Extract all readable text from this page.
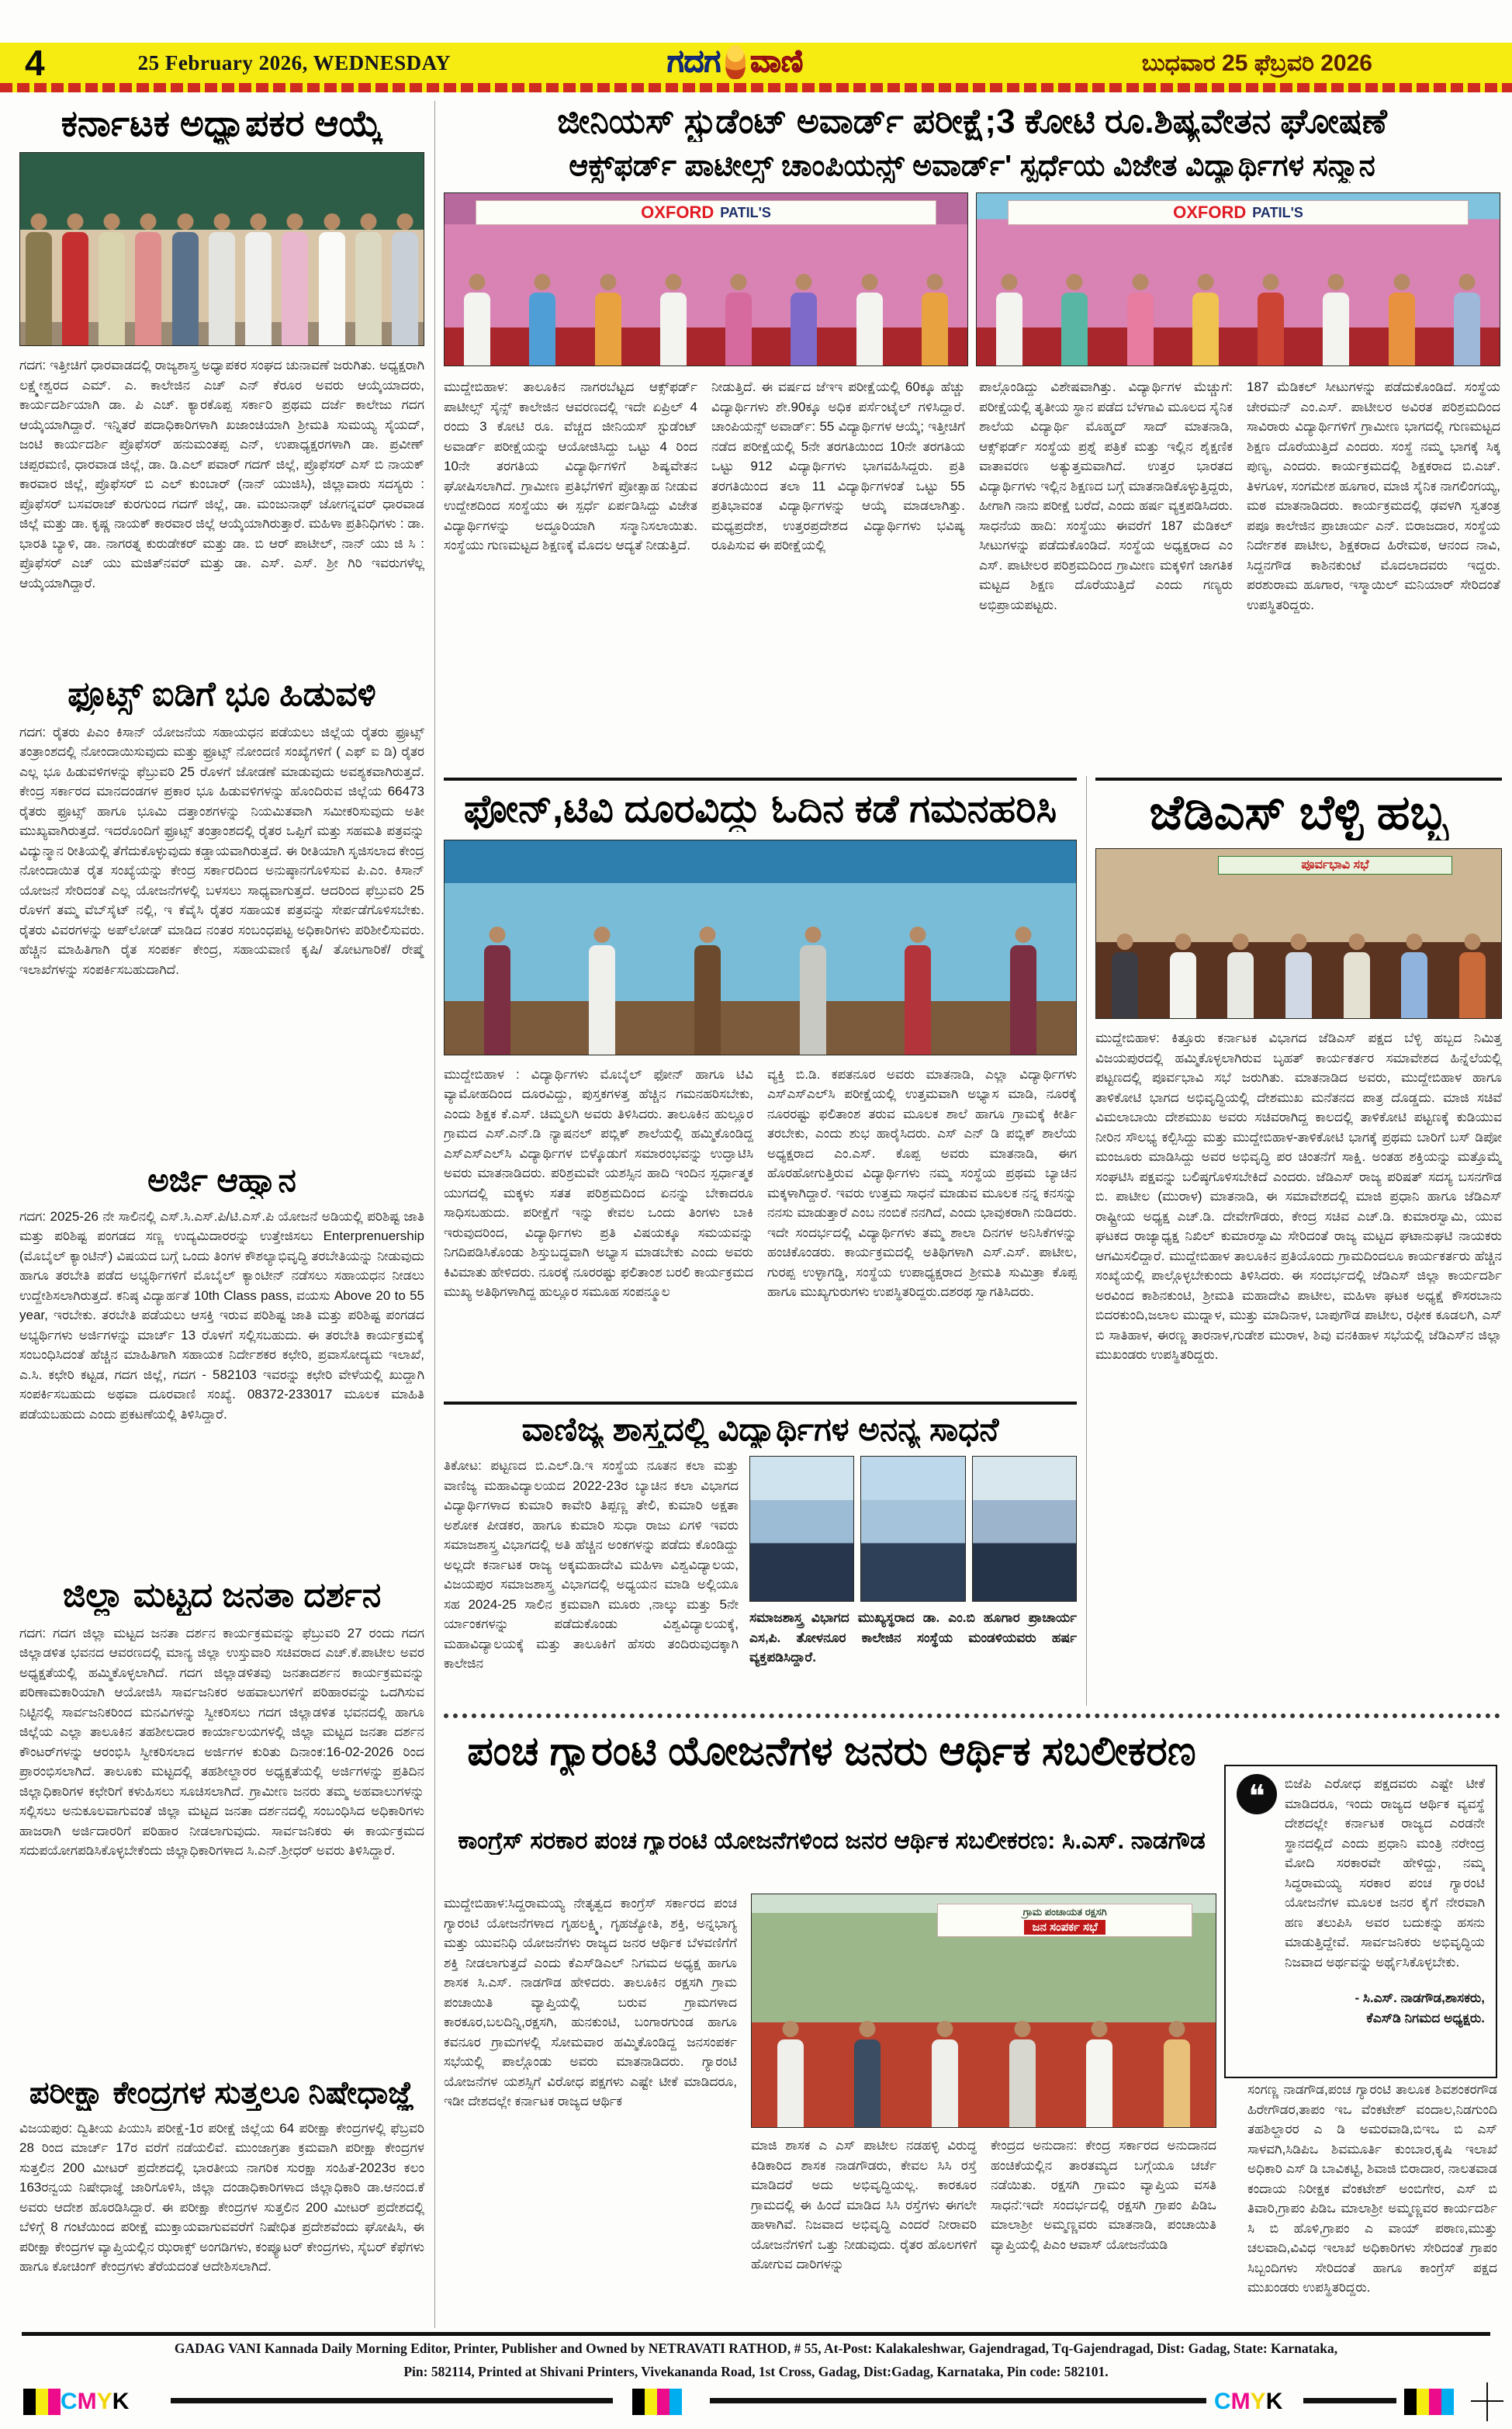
4	25 February 2026, WEDNESDAY	ಗದಗ ವಾಣಿ	ಬುಧವಾರ 25 ಫೆಬ್ರವರಿ 2026
ಕರ್ನಾಟಕ ಅಧ್ಯಾಪಕರ ಆಯ್ಕೆ
ಗದಗ: ಇತ್ತೀಚಿಗೆ ಧಾರವಾಡದಲ್ಲಿ ರಾಜ್ಯಶಾಸ್ತ್ರ ಅಧ್ಯಾಪಕರ ಸಂಘದ ಚುನಾವಣೆ ಜರುಗಿತು. ಅಧ್ಯಕ್ಷರಾಗಿ ಲಕ್ಷ್ಮೇಶ್ವರದ ಎಮ್. ಎ. ಕಾಲೇಜಿನ ಎಚ್ ಎನ್ ಕೆರೂರ ಅವರು ಆಯ್ಕೆಯಾದರು, ಕಾರ್ಯದರ್ಶಿಯಾಗಿ ಡಾ. ಪಿ ಎಚ್. ಕ್ಯಾರಕೊಪ್ಪ ಸರ್ಕಾರಿ ಪ್ರಥಮ ದರ್ಜೆ ಕಾಲೇಜು ಗದಗ ಆಯ್ಕೆಯಾಗಿದ್ದಾರೆ. ಇನ್ನಿತರೆ ಪದಾಧಿಕಾರಿಗಳಾಗಿ ಖಜಾಂಚಿಯಾಗಿ ಶ್ರೀಮತಿ ಸುಮಯ್ಯ ಸೈಯದ್, ಜಂಟಿ ಕಾರ್ಯದರ್ಶಿ ಪ್ರೊಫೆಸರ್ ಹನುಮಂತಪ್ಪ ಎನ್, ಉಪಾಧ್ಯಕ್ಷರಗಳಾಗಿ ಡಾ. ಪ್ರವೀಣ್ ಚಪ್ಪರಮಣಿ, ಧಾರವಾಡ ಜಿಲ್ಲೆ, ಡಾ. ಡಿ.ಎಲ್ ಪವಾರ್ ಗದಗ್ ಜಿಲ್ಲೆ, ಪ್ರೊಫೆಸರ್ ಎಸ್ ಬಿ ನಾಯಕ್ ಕಾರವಾರ ಜಿಲ್ಲೆ, ಪ್ರೊಫೆಸರ್ ಬಿ ಎಲ್ ಕುಂಬಾರ್ (ನಾನ್ ಯುಜಿಸಿ), ಜಿಲ್ಲಾವಾರು ಸದಸ್ಯರು : ಪ್ರೊಫೆಸರ್ ಬಸವರಾಜ್ ಕುರಗುಂದ ಗದಗ್ ಜಿಲ್ಲೆ, ಡಾ. ಮಂಜುನಾಥ್ ಜೋಗನ್ನವರ್ ಧಾರವಾಡ ಜಿಲ್ಲೆ ಮತ್ತು ಡಾ. ಕೃಷ್ಣ ನಾಯಕ್ ಕಾರವಾರ ಜಿಲ್ಲೆ ಆಯ್ಕೆಯಾಗಿರುತ್ತಾರೆ. ಮಹಿಳಾ ಪ್ರತಿನಿಧಿಗಳು : ಡಾ. ಭಾರತಿ ಬ್ಯಾಳಿ, ಡಾ. ನಾಗರತ್ನ ಕುರುಡೇಕರ್ ಮತ್ತು ಡಾ. ಬಿ ಆರ್ ಪಾಟೀಲ್, ನಾನ್ ಯು ಜಿ ಸಿ : ಪ್ರೊಫೆಸರ್ ಎಚ್ ಯು ಮಜಿತ್‌ನವರ್ ಮತ್ತು ಡಾ. ಎಸ್. ಎಸ್. ಶ್ರೀ ಗಿರಿ ಇವರುಗಳೆಲ್ಲ ಆಯ್ಕೆಯಾಗಿದ್ದಾರೆ.
ಫ್ರೂಟ್ಸ್ ಐಡಿಗೆ ಭೂ ಹಿಡುವಳಿ
ಗದಗ: ರೈತರು ಪಿಎಂ ಕಿಸಾನ್ ಯೋಜನೆಯ ಸಹಾಯಧನ ಪಡೆಯಲು ಜಿಲ್ಲೆಯ ರೈತರು ಫ್ರೂಟ್ಸ್ ತಂತ್ರಾಂಶದಲ್ಲಿ ನೋಂದಾಯಿಸುವುದು ಮತ್ತು ಫ್ರೂಟ್ಸ್ ನೋಂದಣಿ ಸಂಖ್ಯೆಗಳಿಗೆ ( ಎಫ್ ಐ ಡಿ) ರೈತರ ಎಲ್ಲ ಭೂ ಹಿಡುವಳಿಗಳನ್ನು ಫೆಬ್ರುವರಿ 25 ರೊಳಗೆ ಜೋಡಣೆ ಮಾಡುವುದು ಅವಶ್ಯಕವಾಗಿರುತ್ತದೆ. ಕೇಂದ್ರ ಸರ್ಕಾರದ ಮಾನದಂಡಗಳ ಪ್ರಕಾರ ಭೂ ಹಿಡುವಳಿಗಳನ್ನು ಹೊಂದಿರುವ ಜಿಲ್ಲೆಯ 66473 ರೈತರು ಫ್ರೂಟ್ಸ್ ಹಾಗೂ ಭೂಮಿ ದತ್ತಾಂಶಗಳನ್ನು ನಿಯಮಿತವಾಗಿ ಸಮೀಕರಿಸುವುದು ಅತೀ ಮುಖ್ಯವಾಗಿರುತ್ತದೆ. ಇದರೊಂದಿಗೆ ಫ್ರೂಟ್ಸ್ ತಂತ್ರಾಂಶದಲ್ಲಿ ರೈತರ ಒಪ್ಪಿಗೆ ಮತ್ತು ಸಹಮತಿ ಪತ್ರವನ್ನು ವಿದ್ಯುನ್ಮಾನ ರೀತಿಯಲ್ಲಿ ತೆಗೆದುಕೊಳ್ಳುವುದು ಕಡ್ಡಾಯವಾಗಿರುತ್ತದೆ. ಈ ರೀತಿಯಾಗಿ ಸೃಜಿಸಲಾದ ಕೇಂದ್ರ ನೋಂದಾಯಿತ ರೈತ ಸಂಖ್ಯೆಯನ್ನು ಕೇಂದ್ರ ಸರ್ಕಾರದಿಂದ ಅನುಷ್ಠಾನಗೊಳಿಸುವ ಪಿ.ಎಂ. ಕಿಸಾನ್ ಯೋಜನೆ ಸೇರಿದಂತೆ ಎಲ್ಲ ಯೋಜನೆಗಳಲ್ಲಿ ಬಳಸಲು ಸಾಧ್ಯವಾಗುತ್ತದೆ. ಆದರಿಂದ ಫೆಬ್ರುವರಿ 25 ರೊಳಗೆ ತಮ್ಮ ವೆಬ್‌ಸೈಟ್ ನಲ್ಲಿ, ಇ ಕೆವೈಸಿ ರೈತರ ಸಹಾಯಕ ಪತ್ರವನ್ನು ಸೇರ್ಪಡೆಗೊಳಿಸಬೇಕು. ರೈತರು ವಿವರಗಳನ್ನು ಅಪ್‌ಲೋಡ್ ಮಾಡಿದ ನಂತರ ಸಂಬಂಧಪಟ್ಟ ಅಧಿಕಾರಿಗಳು ಪರಿಶೀಲಿಸುವರು. ಹೆಚ್ಚಿನ ಮಾಹಿತಿಗಾಗಿ ರೈತ ಸಂಪರ್ಕ ಕೇಂದ್ರ, ಸಹಾಯವಾಣಿ ಕೃಷಿ/ ತೋಟಗಾರಿಕೆ/ ರೇಷ್ಮೆ ಇಲಾಖೆಗಳನ್ನು ಸಂಪರ್ಕಿಸಬಹುದಾಗಿದೆ.
ಅರ್ಜಿ ಆಹ್ವಾನ
ಗದಗ: 2025-26 ನೇ ಸಾಲಿನಲ್ಲಿ ಎಸ್.ಸಿ.ಎಸ್.ಪಿ/ಟಿ.ಎಸ್.ಪಿ ಯೋಜನೆ ಅಡಿಯಲ್ಲಿ ಪರಿಶಿಷ್ಟ ಜಾತಿ ಮತ್ತು ಪರಿಶಿಷ್ಟ ಪಂಗಡದ ಸಣ್ಣ ಉದ್ಯಮಿದಾರರನ್ನು ಉತ್ತೇಜಿಸಲು Enterprenuership (ಮೊಬೈಲ್ ಕ್ಯಾಂಟಿನ್) ವಿಷಯದ ಬಗ್ಗೆ ಒಂದು ತಿಂಗಳ ಕೌಶಲ್ಯಾಭಿವೃದ್ಧಿ ತರಬೇತಿಯನ್ನು ನೀಡುವುದು ಹಾಗೂ ತರಬೇತಿ ಪಡೆದ ಅಭ್ಯರ್ಥಿಗಳಿಗೆ ಮೊಬೈಲ್ ಕ್ಯಾಂಟೀನ್ ನಡೆಸಲು ಸಹಾಯಧನ ನೀಡಲು ಉದ್ದೇಶಿಸಲಾಗಿರುತ್ತದೆ. ಕನಿಷ್ಠ ವಿದ್ಯಾರ್ಹತೆ 10th Class pass, ವಯಸು Above 20 to 55 year, ಇರಬೇಕು. ತರಬೇತಿ ಪಡೆಯಲು ಆಸಕ್ತಿ ಇರುವ ಪರಿಶಿಷ್ಟ ಜಾತಿ ಮತ್ತು ಪರಿಶಿಷ್ಟ ಪಂಗಡದ ಅಭ್ಯರ್ಥಿಗಳು ಅರ್ಜಿಗಳನ್ನು ಮಾರ್ಚ್ 13 ರೊಳಗೆ ಸಲ್ಲಿಸಬಹುದು. ಈ ತರಬೇತಿ ಕಾರ್ಯಕ್ರಮಕ್ಕೆ ಸಂಬಂಧಿಸಿದಂತೆ ಹೆಚ್ಚಿನ ಮಾಹಿತಿಗಾಗಿ ಸಹಾಯಕ ನಿರ್ದೇಶಕರ ಕಛೇರಿ, ಪ್ರವಾಸೋದ್ಯಮ ಇಲಾಖೆ, ಎ.ಸಿ. ಕಛೇರಿ ಕಟ್ಟಡ, ಗದಗ ಜಿಲ್ಲೆ, ಗದಗ - 582103 ಇವರನ್ನು ಕಛೇರಿ ವೇಳೆಯಲ್ಲಿ ಖುದ್ದಾಗಿ ಸಂಪರ್ಕಿಸಬಹುದು ಅಥವಾ ದೂರವಾಣಿ ಸಂಖ್ಯೆ. 08372-233017 ಮೂಲಕ ಮಾಹಿತಿ ಪಡೆಯಬಹುದು ಎಂದು ಪ್ರಕಟಣೆಯಲ್ಲಿ ತಿಳಿಸಿದ್ದಾರೆ.
ಜಿಲ್ಲಾ ಮಟ್ಟದ ಜನತಾ ದರ್ಶನ
ಗದಗ: ಗದಗ ಜಿಲ್ಲಾ ಮಟ್ಟದ ಜನತಾ ದರ್ಶನ ಕಾರ್ಯಕ್ರಮವನ್ನು ಫೆಬ್ರುವರಿ 27 ರಂದು ಗದಗ ಜಿಲ್ಲಾಡಳಿತ ಭವನದ ಆವರಣದಲ್ಲಿ ಮಾನ್ಯ ಜಿಲ್ಲಾ ಉಸ್ತುವಾರಿ ಸಚಿವರಾದ ಎಚ್.ಕೆ.ಪಾಟೀಲ ಅವರ ಅಧ್ಯಕ್ಷತೆಯಲ್ಲಿ ಹಮ್ಮಿಕೊಳ್ಳಲಾಗಿದೆ. ಗದಗ ಜಿಲ್ಲಾಡಳಿತವು ಜನತಾದರ್ಶನ ಕಾರ್ಯಕ್ರಮವನ್ನು ಪರಿಣಾಮಕಾರಿಯಾಗಿ ಆಯೋಜಿಸಿ ಸಾರ್ವಜನಿಕರ ಅಹವಾಲುಗಳಿಗೆ ಪರಿಹಾರವನ್ನು ಒದಗಿಸುವ ನಿಟ್ಟಿನಲ್ಲಿ ಸಾರ್ವಜನಿಕರಿಂದ ಮನವಿಗಳನ್ನು ಸ್ವೀಕರಿಸಲು ಗದಗ ಜಿಲ್ಲಾಡಳಿತ ಭವನದಲ್ಲಿ ಹಾಗೂ ಜಿಲ್ಲೆಯ ಎಲ್ಲಾ ತಾಲೂಕಿನ ತಹಶೀಲದಾರ ಕಾರ್ಯಾಲಯಗಳಲ್ಲಿ ಜಿಲ್ಲಾ ಮಟ್ಟದ ಜನತಾ ದರ್ಶನ ಕೌಂಟರ್‌ಗಳನ್ನು ಆರಂಭಿಸಿ ಸ್ವೀಕರಿಸಲಾದ ಅರ್ಜಿಗಳ ಕುರಿತು ದಿನಾಂಕ:16-02-2026 ರಿಂದ ಪ್ರಾರಂಭಿಸಲಾಗಿದೆ. ತಾಲೂಕು ಮಟ್ಟದಲ್ಲಿ ತಹಶೀಲ್ದಾರರ ಅಧ್ಯಕ್ಷತೆಯಲ್ಲಿ ಅರ್ಜಿಗಳನ್ನು ಪ್ರತಿದಿನ ಜಿಲ್ಲಾಧಿಕಾರಿಗಳ ಕಛೇರಿಗೆ ಕಳುಹಿಸಲು ಸೂಚಿಸಲಾಗಿದೆ. ಗ್ರಾಮೀಣ ಜನರು ತಮ್ಮ ಅಹವಾಲುಗಳನ್ನು ಸಲ್ಲಿಸಲು ಅನುಕೂಲವಾಗುವಂತೆ ಜಿಲ್ಲಾ ಮಟ್ಟದ ಜನತಾ ದರ್ಶನದಲ್ಲಿ ಸಂಬಂಧಿಸಿದ ಅಧಿಕಾರಿಗಳು ಹಾಜರಾಗಿ ಅರ್ಜಿದಾರರಿಗೆ ಪರಿಹಾರ ನೀಡಲಾಗುವುದು. ಸಾರ್ವಜನಿಕರು ಈ ಕಾರ್ಯಕ್ರಮದ ಸದುಪಯೋಗಪಡಿಸಿಕೊಳ್ಳಬೇಕೆಂದು ಜಿಲ್ಲಾಧಿಕಾರಿಗಳಾದ ಸಿ.ಎನ್.ಶ್ರೀಧರ್ ಅವರು ತಿಳಿಸಿದ್ದಾರೆ.
ಪರೀಕ್ಷಾ ಕೇಂದ್ರಗಳ ಸುತ್ತಲೂ ನಿಷೇಧಾಜ್ಞೆ
ವಿಜಯಪುರ: ದ್ವಿತೀಯ ಪಿಯುಸಿ ಪರೀಕ್ಷೆ-1ರ ಪರೀಕ್ಷೆ ಜಿಲ್ಲೆಯ 64 ಪರೀಕ್ಷಾ ಕೇಂದ್ರಗಳಲ್ಲಿ ಫೆಬ್ರವರಿ 28 ರಿಂದ ಮಾರ್ಚ್ 17ರ ವರೆಗೆ ನಡೆಯಲಿವೆ. ಮುಂಜಾಗ್ರತಾ ಕ್ರಮವಾಗಿ ಪರೀಕ್ಷಾ ಕೇಂದ್ರಗಳ ಸುತ್ತಲಿನ 200 ಮೀಟರ್ ಪ್ರದೇಶದಲ್ಲಿ ಭಾರತೀಯ ನಾಗರಿಕ ಸುರಕ್ಷಾ ಸಂಹಿತೆ-2023ರ ಕಲಂ 163ರನ್ವಯ ನಿಷೇಧಾಜ್ಞೆ ಜಾರಿಗೊಳಿಸಿ, ಜಿಲ್ಲಾ ದಂಡಾಧಿಕಾರಿಗಳಾದ ಜಿಲ್ಲಾಧಿಕಾರಿ ಡಾ.ಆನಂದ.ಕೆ ಅವರು ಆದೇಶ ಹೊರಡಿಸಿದ್ದಾರೆ. ಈ ಪರೀಕ್ಷಾ ಕೇಂದ್ರಗಳ ಸುತ್ತಲಿನ 200 ಮೀಟರ್ ಪ್ರದೇಶದಲ್ಲಿ ಬೆಳಿಗ್ಗೆ 8 ಗಂಟೆಯಿಂದ ಪರೀಕ್ಷೆ ಮುಕ್ತಾಯವಾಗುವವರೆಗೆ ನಿಷೇಧಿತ ಪ್ರದೇಶವೆಂದು ಘೋಷಿಸಿ, ಈ ಪರೀಕ್ಷಾ ಕೇಂದ್ರಗಳ ವ್ಯಾಪ್ತಿಯಲ್ಲಿನ ಝರಾಕ್ಸ್ ಅಂಗಡಿಗಳು, ಕಂಪ್ಯೂಟರ್ ಕೇಂದ್ರಗಳು, ಸೈಬರ್ ಕೆಫೆಗಳು ಹಾಗೂ ಕೋಚಿಂಗ್ ಕೇಂದ್ರಗಳು ತೆರೆಯದಂತೆ ಆದೇಶಿಸಲಾಗಿದೆ.
ಜೀನಿಯಸ್ ಸ್ಟುಡೆಂಟ್ ಅವಾರ್ಡ್ ಪರೀಕ್ಷೆ;3 ಕೋಟಿ ರೂ.ಶಿಷ್ಯವೇತನ ಘೋಷಣೆ
ಆಕ್ಸ್‌ಫರ್ಡ್ ಪಾಟೀಲ್ಸ್ ಚಾಂಪಿಯನ್ಸ್ ಅವಾರ್ಡ್' ಸ್ಪರ್ಧೆಯ ವಿಜೇತ ವಿದ್ಯಾರ್ಥಿಗಳ ಸನ್ಮಾನ
OXFORD PATIL'S	OXFORD PATIL'S
ಮುದ್ದೇಬಿಹಾಳ: ತಾಲೂಕಿನ ನಾಗರಬೆಟ್ಟದ ಆಕ್ಸ್‌ಫರ್ಡ್ ಪಾಟೀಲ್ಸ್ ಸೈನ್ಸ್ ಕಾಲೇಜಿನ ಆವರಣದಲ್ಲಿ ಇದೇ ಏಪ್ರಿಲ್ 4 ರಂದು 3 ಕೋಟಿ ರೂ. ವೆಚ್ಚದ ಜೀನಿಯಸ್ ಸ್ಟುಡೆಂಟ್ ಅವಾರ್ಡ್ ಪರೀಕ್ಷೆಯನ್ನು ಆಯೋಜಿಸಿದ್ದು ಒಟ್ಟು 4 ರಿಂದ 10ನೇ ತರಗತಿಯ ವಿದ್ಯಾರ್ಥಿಗಳಿಗೆ ಶಿಷ್ಯವೇತನ ಘೋಷಿಸಲಾಗಿದೆ. ಗ್ರಾಮೀಣ ಪ್ರತಿಭೆಗಳಿಗೆ ಪ್ರೋತ್ಸಾಹ ನೀಡುವ ಉದ್ದೇಶದಿಂದ ಸಂಸ್ಥೆಯು ಈ ಸ್ಪರ್ಧೆ ಏರ್ಪಡಿಸಿದ್ದು ವಿಜೇತ ವಿದ್ಯಾರ್ಥಿಗಳನ್ನು ಅದ್ಧೂರಿಯಾಗಿ ಸನ್ಮಾನಿಸಲಾಯಿತು. ಸಂಸ್ಥೆಯು ಗುಣಮಟ್ಟದ ಶಿಕ್ಷಣಕ್ಕೆ ಮೊದಲ ಆದ್ಯತೆ ನೀಡುತ್ತಿದೆ.
ನೀಡುತ್ತಿದೆ. ಈ ವರ್ಷದ ಜೆಇಇ ಪರೀಕ್ಷೆಯಲ್ಲಿ 60ಕ್ಕೂ ಹೆಚ್ಚು ವಿದ್ಯಾರ್ಥಿಗಳು ಶೇ.90ಕ್ಕೂ ಅಧಿಕ ಪರ್ಸೆಂಟೈಲ್ ಗಳಿಸಿದ್ದಾರೆ. ಚಾಂಪಿಯನ್ಸ್ ಅವಾರ್ಡ್: 55 ವಿದ್ಯಾರ್ಥಿಗಳ ಆಯ್ಕೆ; ಇತ್ತೀಚಿಗೆ ನಡೆದ ಪರೀಕ್ಷೆಯಲ್ಲಿ 5ನೇ ತರಗತಿಯಿಂದ 10ನೇ ತರಗತಿಯ ಒಟ್ಟು 912 ವಿದ್ಯಾರ್ಥಿಗಳು ಭಾಗವಹಿಸಿದ್ದರು. ಪ್ರತಿ ತರಗತಿಯಿಂದ ತಲಾ 11 ವಿದ್ಯಾರ್ಥಿಗಳಂತೆ ಒಟ್ಟು 55 ಪ್ರತಿಭಾವಂತ ವಿದ್ಯಾರ್ಥಿಗಳನ್ನು ಆಯ್ಕೆ ಮಾಡಲಾಗಿತ್ತು. ಮಧ್ಯಪ್ರದೇಶ, ಉತ್ತರಪ್ರದೇಶದ ವಿದ್ಯಾರ್ಥಿಗಳು ಭವಿಷ್ಯ ರೂಪಿಸುವ ಈ ಪರೀಕ್ಷೆಯಲ್ಲಿ
ಪಾಲ್ಗೊಂಡಿದ್ದು ವಿಶೇಷವಾಗಿತ್ತು. ವಿದ್ಯಾರ್ಥಿಗಳ ಮೆಚ್ಚುಗೆ: ಪರೀಕ್ಷೆಯಲ್ಲಿ ತೃತೀಯ ಸ್ಥಾನ ಪಡೆದ ಬೆಳಗಾವಿ ಮೂಲದ ಸೈನಿಕ ಶಾಲೆಯ ವಿದ್ಯಾರ್ಥಿ ಮೊಹ್ಮದ್ ಸಾದ್ ಮಾತನಾಡಿ, ಆಕ್ಸ್‌ಫರ್ಡ್ ಸಂಸ್ಥೆಯ ಪ್ರಶ್ನೆ ಪತ್ರಿಕೆ ಮತ್ತು ಇಲ್ಲಿನ ಶೈಕ್ಷಣಿಕ ವಾತಾವರಣ ಅತ್ಯುತ್ತಮವಾಗಿದೆ. ಉತ್ತರ ಭಾರತದ ವಿದ್ಯಾರ್ಥಿಗಳು ಇಲ್ಲಿನ ಶಿಕ್ಷಣದ ಬಗ್ಗೆ ಮಾತನಾಡಿಕೊಳ್ಳುತ್ತಿದ್ದರು, ಹೀಗಾಗಿ ನಾನು ಪರೀಕ್ಷೆ ಬರೆದೆ, ಎಂದು ಹರ್ಷ ವ್ಯಕ್ತಪಡಿಸಿದರು. ಸಾಧನೆಯ ಹಾದಿ: ಸಂಸ್ಥೆಯು ಈವರೆಗೆ 187 ಮೆಡಿಕಲ್ ಸೀಟುಗಳನ್ನು ಪಡೆದುಕೊಂಡಿದೆ. ಸಂಸ್ಥೆಯ ಅಧ್ಯಕ್ಷರಾದ ಎಂ ಎಸ್. ಪಾಟೀಲರ ಪರಿಶ್ರಮದಿಂದ ಗ್ರಾಮೀಣ ಮಕ್ಕಳಿಗೆ ಜಾಗತಿಕ ಮಟ್ಟದ ಶಿಕ್ಷಣ ದೊರೆಯುತ್ತಿದೆ ಎಂದು ಗಣ್ಯರು ಅಭಿಪ್ರಾಯಪಟ್ಟರು.
187 ಮೆಡಿಕಲ್ ಸೀಟುಗಳನ್ನು ಪಡೆದುಕೊಂಡಿದೆ. ಸಂಸ್ಥೆಯ ಚೇರಮನ್ ಎಂ.ಎಸ್. ಪಾಟೀಲರ ಅವಿರತ ಪರಿಶ್ರಮದಿಂದ ಸಾವಿರಾರು ವಿದ್ಯಾರ್ಥಿಗಳಿಗೆ ಗ್ರಾಮೀಣ ಭಾಗದಲ್ಲಿ ಗುಣಮಟ್ಟದ ಶಿಕ್ಷಣ ದೊರೆಯುತ್ತಿದೆ ಎಂದರು. ಸಂಸ್ಥೆ ನಮ್ಮ ಭಾಗಕ್ಕೆ ಸಿಕ್ಕ ಪುಣ್ಯ, ಎಂದರು. ಕಾರ್ಯಕ್ರಮದಲ್ಲಿ ಶಿಕ್ಷಕರಾದ ಬಿ.ಎಚ್. ತಿಳಗೂಳ, ಸಂಗಮೇಶ ಹೂಗಾರ, ಮಾಜಿ ಸೈನಿಕ ನಾಗಲಿಂಗಯ್ಯ, ಮಠ ಮಾತನಾಡಿದರು. ಕಾರ್ಯಕ್ರಮದಲ್ಲಿ ಢವಳಗಿ ಸ್ವತಂತ್ರ ಪಪೂ ಕಾಲೇಜಿನ ಪ್ರಾಚಾರ್ಯ ಎನ್. ಬಿರಾಜದಾರ, ಸಂಸ್ಥೆಯ ನಿರ್ದೇಶಕ ಪಾಟೀಲ, ಶಿಕ್ಷಕರಾದ ಹಿರೇಮಠ, ಆನಂದ ನಾವಿ, ಸಿದ್ದನಗೌಡ ಕಾಶಿನಕುಂಟೆ ಮೊದಲಾದವರು ಇದ್ದರು. ಪರಶುರಾಮ ಹೂಗಾರ, ಇಸ್ಮಾಯಿಲ್ ಮನಿಯಾರ್ ಸೇರಿದಂತೆ ಉಪಸ್ಥಿತರಿದ್ದರು.
ಫೋನ್,ಟಿವಿ ದೂರವಿದ್ದು ಓದಿನ ಕಡೆ ಗಮನಹರಿಸಿ
ಮುದ್ದೇಬಿಹಾಳ : ವಿದ್ಯಾರ್ಥಿಗಳು ಮೊಬೈಲ್ ಫೋನ್ ಹಾಗೂ ಟಿವಿ ವ್ಯಾಮೋಹದಿಂದ ದೂರವಿದ್ದು, ಪುಸ್ತಕಗಳತ್ತ ಹೆಚ್ಚಿನ ಗಮನಹರಿಸಬೇಕು, ಎಂದು ಶಿಕ್ಷಕ ಕೆ.ಎಸ್. ಚಿಮ್ಮಲಗಿ ಅವರು ತಿಳಿಸಿದರು. ತಾಲೂಕಿನ ಹುಲ್ಲೂರ ಗ್ರಾಮದ ಎಸ್.ಎನ್.ಡಿ ನ್ಯಾಷನಲ್ ಪಬ್ಲಿಕ್ ಶಾಲೆಯಲ್ಲಿ ಹಮ್ಮಿಕೊಂಡಿದ್ದ ಎಸ್‌ಎಸ್‌ಎಲ್‌ಸಿ ವಿದ್ಯಾರ್ಥಿಗಳ ಬಿಳ್ಕೊಡುಗೆ ಸಮಾರಂಭವನ್ನು ಉದ್ಘಾಟಿಸಿ ಅವರು ಮಾತನಾಡಿದರು. ಪರಿಶ್ರಮವೇ ಯಶಸ್ಸಿನ ಹಾದಿ ಇಂದಿನ ಸ್ಪರ್ಧಾತ್ಮಕ ಯುಗದಲ್ಲಿ ಮಕ್ಕಳು ಸತತ ಪರಿಶ್ರಮದಿಂದ ಏನನ್ನು ಬೇಕಾದರೂ ಸಾಧಿಸಬಹುದು. ಪರೀಕ್ಷೆಗೆ ಇನ್ನು ಕೇವಲ ಒಂದು ತಿಂಗಳು ಬಾಕಿ ಇರುವುದರಿಂದ, ವಿದ್ಯಾರ್ಥಿಗಳು ಪ್ರತಿ ವಿಷಯಕ್ಕೂ ಸಮಯವನ್ನು ನಿಗದಿಪಡಿಸಿಕೊಂಡು ಶಿಸ್ತುಬದ್ಧವಾಗಿ ಅಭ್ಯಾಸ ಮಾಡಬೇಕು ಎಂದು ಅವರು ಕಿವಿಮಾತು ಹೇಳಿದರು. ನೂರಕ್ಕೆ ನೂರರಷ್ಟು ಫಲಿತಾಂಶ ಬರಲಿ ಕಾರ್ಯಕ್ರಮದ ಮುಖ್ಯ ಅತಿಥಿಗಳಾಗಿದ್ದ ಹುಲ್ಲೂರ ಸಮೂಹ ಸಂಪನ್ಮೂಲ
ವ್ಯಕ್ತಿ ಬಿ.ಡಿ. ಕಪತನೂರ ಅವರು ಮಾತನಾಡಿ, ಎಲ್ಲಾ ವಿದ್ಯಾರ್ಥಿಗಳು ಎಸ್‌ಎಸ್‌ಎಲ್‌ಸಿ ಪರೀಕ್ಷೆಯಲ್ಲಿ ಉತ್ತಮವಾಗಿ ಅಭ್ಯಾಸ ಮಾಡಿ, ನೂರಕ್ಕೆ ನೂರರಷ್ಟು ಫಲಿತಾಂಶ ತರುವ ಮೂಲಕ ಶಾಲೆ ಹಾಗೂ ಗ್ರಾಮಕ್ಕೆ ಕೀರ್ತಿ ತರಬೇಕು, ಎಂದು ಶುಭ ಹಾರೈಸಿದರು. ಎಸ್ ಎನ್ ಡಿ ಪಬ್ಲಿಕ್ ಶಾಲೆಯ ಅಧ್ಯಕ್ಷರಾದ ಎಂ.ಎಸ್. ಕೊಪ್ಪ ಅವರು ಮಾತನಾಡಿ, ಈಗ ಹೊರಹೋಗುತ್ತಿರುವ ವಿದ್ಯಾರ್ಥಿಗಳು ನಮ್ಮ ಸಂಸ್ಥೆಯ ಪ್ರಥಮ ಬ್ಯಾಚಿನ ಮಕ್ಕಳಾಗಿದ್ದಾರೆ. ಇವರು ಉತ್ತಮ ಸಾಧನೆ ಮಾಡುವ ಮೂಲಕ ನನ್ನ ಕನಸನ್ನು ನನಸು ಮಾಡುತ್ತಾರೆ ಎಂಬ ನಂಬಿಕೆ ನನಗಿದೆ, ಎಂದು ಭಾವುಕರಾಗಿ ನುಡಿದರು. ಇದೇ ಸಂದರ್ಭದಲ್ಲಿ ವಿದ್ಯಾರ್ಥಿಗಳು ತಮ್ಮ ಶಾಲಾ ದಿನಗಳ ಅನಿಸಿಕೆಗಳನ್ನು ಹಂಚಿಕೊಂಡರು. ಕಾರ್ಯಕ್ರಮದಲ್ಲಿ ಅತಿಥಿಗಳಾಗಿ ಎಸ್.ಎಸ್. ಪಾಟೀಲ, ಗುರಪ್ಪ ಉಳ್ಳಾಗಡ್ಡಿ, ಸಂಸ್ಥೆಯ ಉಪಾಧ್ಯಕ್ಷರಾದ ಶ್ರೀಮತಿ ಸುಮಿತ್ರಾ ಕೊಪ್ಪ ಹಾಗೂ ಮುಖ್ಯಗುರುಗಳು ಉಪಸ್ಥಿತರಿದ್ದರು.ದಶರಥ ಸ್ವಾಗತಿಸಿದರು.
ಜೆಡಿಎಸ್ ಬೆಳ್ಳಿ ಹಬ್ಬ
ಪೂರ್ವಭಾವಿ ಸಭೆ
ಮುದ್ದೇಬಿಹಾಳ: ಕಿತ್ತೂರು ಕರ್ನಾಟಕ ವಿಭಾಗದ ಜೆಡಿಎಸ್ ಪಕ್ಷದ ಬೆಳ್ಳಿ ಹಬ್ಬದ ನಿಮಿತ್ತ ವಿಜಯಪುರದಲ್ಲಿ ಹಮ್ಮಿಕೊಳ್ಳಲಾಗಿರುವ ಬೃಹತ್ ಕಾರ್ಯಕರ್ತರ ಸಮಾವೇಶದ ಹಿನ್ನೆಲೆಯಲ್ಲಿ ಪಟ್ಟಣದಲ್ಲಿ ಪೂರ್ವಭಾವಿ ಸಭೆ ಜರುಗಿತು. ಮಾತನಾಡಿದ ಅವರು, ಮುದ್ದೇಬಿಹಾಳ ಹಾಗೂ ತಾಳಿಕೋಟಿ ಭಾಗದ ಅಭಿವೃದ್ಧಿಯಲ್ಲಿ ದೇಶಮುಖ ಮನೆತನದ ಪಾತ್ರ ದೊಡ್ಡದು. ಮಾಜಿ ಸಚಿವೆ ವಿಮಲಾಬಾಯಿ ದೇಶಮುಖ ಅವರು ಸಚಿವರಾಗಿದ್ದ ಕಾಲದಲ್ಲಿ ತಾಳಿಕೋಟಿ ಪಟ್ಟಣಕ್ಕೆ ಕುಡಿಯುವ ನೀರಿನ ಸೌಲಭ್ಯ ಕಲ್ಪಿಸಿದ್ದು ಮತ್ತು ಮುದ್ದೇಬಿಹಾಳ-ತಾಳಿಕೋಟಿ ಭಾಗಕ್ಕೆ ಪ್ರಥಮ ಬಾರಿಗೆ ಬಸ್ ಡಿಪೋ ಮಂಜೂರು ಮಾಡಿಸಿದ್ದು ಅವರ ಅಭಿವೃದ್ಧಿ ಪರ ಚಿಂತನೆಗೆ ಸಾಕ್ಷಿ. ಅಂತಹ ಶಕ್ತಿಯನ್ನು ಮತ್ತೊಮ್ಮೆ ಸಂಘಟಿಸಿ ಪಕ್ಷವನ್ನು ಬಲಿಷ್ಠಗೊಳಿಸಬೇಕಿದೆ ಎಂದರು. ಜೆಡಿಎಸ್ ರಾಜ್ಯ ಪರಿಷತ್ ಸದಸ್ಯ ಬಸನಗೌಡ ಬಿ. ಪಾಟೀಲ (ಮುರಾಳ) ಮಾತನಾಡಿ, ಈ ಸಮಾವೇಶದಲ್ಲಿ ಮಾಜಿ ಪ್ರಧಾನಿ ಹಾಗೂ ಜೆಡಿಎಸ್ ರಾಷ್ಟ್ರೀಯ ಅಧ್ಯಕ್ಷ ಎಚ್.ಡಿ. ದೇವೇಗೌಡರು, ಕೇಂದ್ರ ಸಚಿವ ಎಚ್.ಡಿ. ಕುಮಾರಸ್ವಾಮಿ, ಯುವ ಘಟಕದ ರಾಜ್ಯಾಧ್ಯಕ್ಷ ನಿಖಿಲ್ ಕುಮಾರಸ್ವಾಮಿ ಸೇರಿದಂತೆ ರಾಜ್ಯ ಮಟ್ಟದ ಘಟಾನುಘಟಿ ನಾಯಕರು ಆಗಮಿಸಲಿದ್ದಾರೆ. ಮುದ್ದೇಬಿಹಾಳ ತಾಲೂಕಿನ ಪ್ರತಿಯೊಂದು ಗ್ರಾಮದಿಂದಲೂ ಕಾರ್ಯಕರ್ತರು ಹೆಚ್ಚಿನ ಸಂಖ್ಯೆಯಲ್ಲಿ ಪಾಲ್ಗೊಳ್ಳಬೇಕುಂದು ತಿಳಿಸಿದರು. ಈ ಸಂದರ್ಭದಲ್ಲಿ ಜೆಡಿಎಸ್ ಜಿಲ್ಲಾ ಕಾರ್ಯದರ್ಶಿ ಅರವಿಂದ ಕಾಶಿನಕುಂಟಿ, ಶ್ರೀಮತಿ ಮಹಾದೇವಿ ಪಾಟೀಲ, ಮಹಿಳಾ ಘಟಕ ಅಧ್ಯಕ್ಷೆ ಕೌಸರಬಾನು ಬಿದರಕುಂದಿ,ಜಲಾಲ ಮುದ್ನಾಳ, ಮುತ್ತು ಮಾದಿನಾಳ, ಬಾಪುಗೌಡ ಪಾಟೀಲ, ರಫೀಕ ಕೂಡಲಗಿ, ಎಸ್ ಬಿ ಸಾತಿಹಾಳ, ಈರಣ್ಣ ತಾರನಾಳ,ಗುಡೇಶ ಮುರಾಳ, ಶಿವು ವನಕಿಹಾಳ ಸಭೆಯಲ್ಲಿ ಜೆಡಿಎಸ್‌ನ ಜಿಲ್ಲಾ ಮುಖಂಡರು ಉಪಸ್ಥಿತರಿದ್ದರು.
ವಾಣಿಜ್ಯ ಶಾಸ್ತ್ರದಲ್ಲಿ ವಿದ್ಯಾರ್ಥಿಗಳ ಅನನ್ಯ ಸಾಧನೆ
ತಿಕೋಟ: ಪಟ್ಟಣದ ಬಿ.ಎಲ್.ಡಿ.ಇ ಸಂಸ್ಥೆಯ ನೂತನ ಕಲಾ ಮತ್ತು ವಾಣಿಜ್ಯ ಮಹಾವಿದ್ಯಾಲಯದ 2022-23ರ ಬ್ಯಾಚಿನ ಕಲಾ ವಿಭಾಗದ ವಿದ್ಯಾರ್ಥಿಗಳಾದ ಕುಮಾರಿ ಕಾವೇರಿ ತಿಪ್ಪಣ್ಣ ತೇಲಿ, ಕುಮಾರಿ ಅಕ್ಷತಾ ಅಶೋಕ ಪೀಡಕರ, ಹಾಗೂ ಕುಮಾರಿ ಸುಧಾ ರಾಜು ಏಗಳಿ ಇವರು ಸಮಾಜಶಾಸ್ತ್ರ ವಿಭಾಗದಲ್ಲಿ ಅತಿ ಹೆಚ್ಚಿನ ಅಂಕಗಳನ್ನು ಪಡೆದು ಕೊಂಡಿದ್ದು ಅಲ್ಲದೇ ಕರ್ನಾಟಕ ರಾಜ್ಯ ಅಕ್ಕಮಹಾದೇವಿ ಮಹಿಳಾ ವಿಶ್ವವಿದ್ಯಾಲಯ, ವಿಜಯಪುರ ಸಮಾಜಶಾಸ್ತ್ರ ವಿಭಾಗದಲ್ಲಿ ಅಧ್ಯಯನ ಮಾಡಿ ಅಲ್ಲಿಯೂ ಸಹ 2024-25 ಸಾಲಿನ ಕ್ರಮವಾಗಿ ಮೂರು ,ನಾಲ್ಕು ಮತ್ತು 5ನೇ ರ್ಯಾಂಕಗಳನ್ನು ಪಡೆದುಕೊಂಡು ವಿಶ್ವವಿದ್ಯಾಲಯಕ್ಕೆ, ಮಹಾವಿದ್ಯಾಲಯಕ್ಕೆ ಮತ್ತು ತಾಲೂಕಿಗೆ ಹೆಸರು ತಂದಿರುವುದಕ್ಕಾಗಿ ಕಾಲೇಜಿನ
ಸಮಾಜಶಾಸ್ತ್ರ ವಿಭಾಗದ ಮುಖ್ಯಸ್ಥರಾದ ಡಾ. ಎಂ.ಬಿ ಹೂಗಾರ ಪ್ರಾಚಾರ್ಯ ಎಸ,ಪಿ. ತೋಳನೂರ ಕಾಲೇಜಿನ ಸಂಸ್ಥೆಯ ಮಂಡಳಿಯವರು ಹರ್ಷ ವ್ಯಕ್ತಪಡಿಸಿದ್ದಾರೆ.
ಪಂಚ ಗ್ಯಾರಂಟಿ ಯೋಜನೆಗಳ ಜನರು ಆರ್ಥಿಕ ಸಬಲೀಕರಣ
ಕಾಂಗ್ರೆಸ್ ಸರಕಾರ ಪಂಚ ಗ್ಯಾರಂಟಿ ಯೋಜನೆಗಳಿಂದ ಜನರ ಆರ್ಥಿಕ ಸಬಲೀಕರಣ: ಸಿ.ಎಸ್. ನಾಡಗೌಡ
❝	ಬಿಜೆಪಿ ಎರೋಧ ಪಕ್ಷದವರು ಎಷ್ಟೇ ಟೀಕೆ ಮಾಡಿದರೂ, ಇಂದು ರಾಜ್ಯದ ಆರ್ಥಿಕ ವ್ಯವಸ್ಥೆ ದೇಶದಲ್ಲೇ ಕರ್ನಾಟಕ ರಾಜ್ಯದ ಎರಡನೇ ಸ್ಥಾನದಲ್ಲಿದೆ ಎಂದು ಪ್ರಧಾನಿ ಮಂತ್ರಿ ನರೇಂದ್ರ ಮೋದಿ ಸರಕಾರವೇ ಹೇಳಿದ್ದು, ನಮ್ಮ ಸಿದ್ಧರಾಮಯ್ಯ ಸರಕಾರ ಪಂಚ ಗ್ಯಾರಂಟಿ ಯೋಜನೆಗಳ ಮೂಲಕ ಜನರ ಕೈಗೆ ನೇರವಾಗಿ ಹಣ ತಲುಪಿಸಿ ಅವರ ಬದುಕನ್ನು ಹಸನು ಮಾಡುತ್ತಿದ್ದೇವೆ. ಸಾರ್ವಜನಿಕರು ಅಭಿವೃದ್ಧಿಯ ನಿಜವಾದ ಅರ್ಥವನ್ನು ಅರ್ಥೈಸಿಕೊಳ್ಳಬೇಕು.
- ಸಿ.ಎಸ್. ನಾಡಗೌಡ,ಶಾಸಕರು,
ಕೆಎಸ್‌ಡಿ ನಿಗಮದ ಅಧ್ಯಕ್ಷರು.
ಮುದ್ದೇಬಿಹಾಳ:ಸಿದ್ದರಾಮಯ್ಯ ನೇತೃತ್ವದ ಕಾಂಗ್ರೆಸ್ ಸರ್ಕಾರದ ಪಂಚ ಗ್ಯಾರಂಟಿ ಯೋಜನೆಗಳಾದ ಗೃಹಲಕ್ಷ್ಮಿ, ಗೃಹಜ್ಯೋತಿ, ಶಕ್ತಿ, ಅನ್ನಭಾಗ್ಯ ಮತ್ತು ಯುವನಿಧಿ ಯೋಜನೆಗಳು ರಾಜ್ಯದ ಜನರ ಆರ್ಥಿಕ ಬೆಳವಣಿಗೆಗೆ ಶಕ್ತಿ ನೀಡಲಾಗುತ್ತದೆ ಎಂದು ಕೆಎಸ್‌ಡಿಎಲ್ ನಿಗಮದ ಅಧ್ಯಕ್ಷ ಹಾಗೂ ಶಾಸಕ ಸಿ.ಎಸ್. ನಾಡಗೌಡ ಹೇಳಿದರು. ತಾಲೂಕಿನ ರಕ್ಷಸಗಿ ಗ್ರಾಮ ಪಂಚಾಯಿತಿ ವ್ಯಾಪ್ತಿಯಲ್ಲಿ ಬರುವ ಗ್ರಾಮಗಳಾದ ಕಾರಕೂರ,ಬಲದಿನ್ನಿ,ರಕ್ಷಸಗಿ, ಹುನಕುಂಟಿ, ಬಂಗಾರಗುಂಡ ಹಾಗೂ ಕವನೂರ ಗ್ರಾಮಗಳಲ್ಲಿ ಸೋಮವಾರ ಹಮ್ಮಿಕೊಂಡಿದ್ದ ಜನಸಂಪರ್ಕ ಸಭೆಯಲ್ಲಿ ಪಾಲ್ಗೊಂಡು ಅವರು ಮಾತನಾಡಿದರು. ಗ್ಯಾರಂಟಿ ಯೋಜನೆಗಳ ಯಶಸ್ಸಿಗೆ ವಿರೋಧ ಪಕ್ಷಗಳು ಎಷ್ಟೇ ಟೀಕೆ ಮಾಡಿದರೂ, ಇಡೀ ದೇಶದಲ್ಲೇ ಕರ್ನಾಟಕ ರಾಜ್ಯದ ಆರ್ಥಿಕ
ಗ್ರಾಮ ಪಂಚಾಯತ ರಕ್ಷಸಗಿ
ಜನ ಸಂಪರ್ಕ ಸಭೆ
ಮಾಜಿ ಶಾಸಕ ಎ ಎಸ್ ಪಾಟೀಲ ನಡಹಳ್ಳಿ ವಿರುದ್ಧ ಕಿಡಿಕಾರಿದ ಶಾಸಕ ನಾಡಗೌಡರು, ಕೇವಲ ಸಿಸಿ ರಸ್ತೆ ಮಾಡಿದರೆ ಅದು ಅಭಿವೃದ್ಧಿಯಲ್ಲ. ಕಾರಕೂರ ಗ್ರಾಮದಲ್ಲಿ ಈ ಹಿಂದೆ ಮಾಡಿದ ಸಿಸಿ ರಸ್ತೆಗಳು ಈಗಲೇ ಹಾಳಾಗಿವೆ. ನಿಜವಾದ ಅಭಿವೃದ್ಧಿ ಎಂದರೆ ನೀರಾವರಿ ಯೋಜನೆಗಳಿಗೆ ಒತ್ತು ನೀಡುವುದು. ರೈತರ ಹೊಲಗಳಿಗೆ ಹೋಗುವ ದಾರಿಗಳನ್ನು
ಕೇಂದ್ರದ ಅನುದಾನ: ಕೇಂದ್ರ ಸರ್ಕಾರದ ಅನುದಾನದ ಹಂಚಿಕೆಯಲ್ಲಿನ ತಾರತಮ್ಯದ ಬಗ್ಗೆಯೂ ಚರ್ಚೆ ನಡೆಯಿತು. ರಕ್ಷಸಗಿ ಗ್ರಾಮಂ ವ್ಯಾಪ್ತಿಯ ವಸತಿ ಸಾಧನೆ:ಇದೇ ಸಂದರ್ಭದಲ್ಲಿ ರಕ್ಷಸಗಿ ಗ್ರಾಪಂ ಪಿಡಿಒ ಮಾಲಾಶ್ರೀ ಅಮ್ಮಣ್ಣವರು ಮಾತನಾಡಿ, ಪಂಚಾಯಿತಿ ವ್ಯಾಪ್ತಿಯಲ್ಲಿ ಪಿಎಂ ಆವಾಸ್ ಯೋಜನೆಯಡಿ
ಸಂಗಣ್ಣ ನಾಡಗೌಡ,ಪಂಚ ಗ್ಯಾರಂಟಿ ತಾಲೂಕ ಶಿವಶಂಕರಗೌಡ ಹಿರೇಗೌಡರ,ತಾಪಂ ಇಒ ವೆಂಕಟೇಶ್ ವಂದಾಲ,ನಿಡಗುಂದಿ ತಹಶಿಲ್ದಾರರ ಎ ಡಿ ಅಮರವಾಡಿ,ಬಿಇಒ ಬಿ ಎಸ್ ಸಾಳವಗಿ,ಸಿಡಿಪಿಒ ಶಿವಮೂರ್ತಿ ಕುಂಬಾರ,ಕೃಷಿ ಇಲಾಖೆ ಅಧಿಕಾರಿ ಎಸ್ ಡಿ ಬಾವಿಕಟ್ಟಿ, ಶಿವಾಜಿ ಬಿರಾದಾರ, ನಾಲತವಾಡ ಕಂದಾಯ ನಿರೀಕ್ಷಕ ವೆಂಕಟೇಶ್ ಅಂಬಿಗೇರ, ಎಸ್ ಬಿ ತಿವಾರಿ,ಗ್ರಾಪಂ ಪಿಡಿಒ ಮಾಲಾಶ್ರೀ ಅಮ್ಮಣ್ಣವರ ಕಾರ್ಯದರ್ಶಿ ಸಿ ಬಿ ಹೊಳಿ,ಗ್ರಾಪಂ ಎ ವಾಯ್ ಪಠಾಣ,ಮುತ್ತು ಚಲವಾದಿ,ವಿವಿಧ ಇಲಾಖೆ ಅಧಿಕಾರಿಗಳು ಸೇರಿದಂತೆ ಗ್ರಾಪಂ ಸಿಬ್ಬಂದಿಗಳು ಸೇರಿದಂತೆ ಹಾಗೂ ಕಾಂಗ್ರೆಸ್ ಪಕ್ಷದ ಮುಖಂಡರು ಉಪಸ್ಥಿತರಿದ್ದರು.
GADAG VANI Kannada Daily Morning Editor, Printer, Publisher and Owned by NETRAVATI RATHOD, # 55, At-Post: Kalakaleshwar, Gajendragad, Tq-Gajendragad, Dist: Gadag, State: Karnataka,
Pin: 582114, Printed at Shivani Printers, Vivekananda Road, 1st Cross, Gadag, Dist:Gadag, Karnataka, Pin code: 582101.
CMYK	CMYK
